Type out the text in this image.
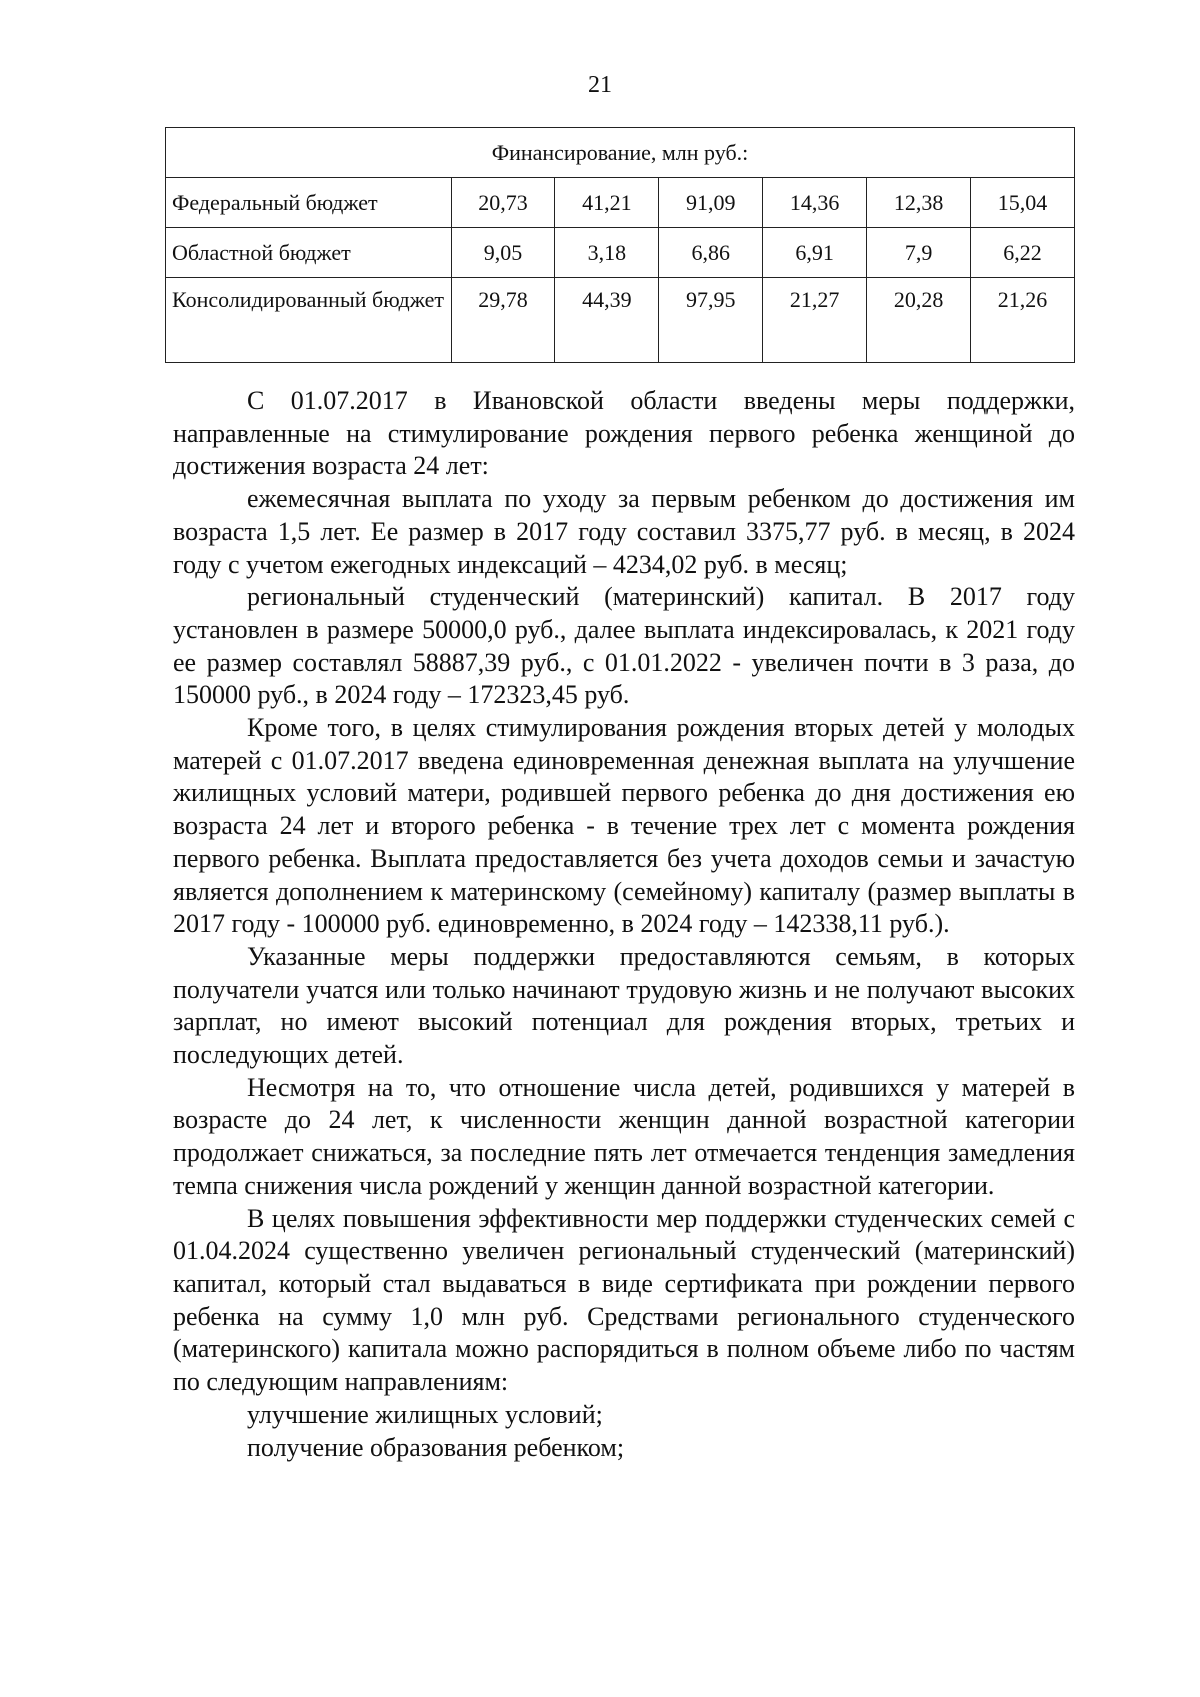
21
Финансирование, млн руб.:						
Федеральный бюджет	20,73	41,21	91,09	14,36	12,38	15,04
Областной бюджет	9,05	3,18	6,86	6,91	7,9	6,22
Консолидированный бюджет	29,78	44,39	97,95	21,27	20,28	21,26

С 01.07.2017 в Ивановской области введены меры поддержки, направленные на стимулирование рождения первого ребенка женщиной до достижения возраста 24 лет:

ежемесячная выплата по уходу за первым ребенком до достижения им возраста 1,5 лет. Ее размер в 2017 году составил 3375,77 руб. в месяц, в 2024 году с учетом ежегодных индексаций – 4234,02 руб. в месяц;

региональный студенческий (материнский) капитал. В 2017 году установлен в размере 50000,0 руб., далее выплата индексировалась, к 2021 году ее размер составлял 58887,39 руб., с 01.01.2022 - увеличен почти в 3 раза, до 150000 руб., в 2024 году – 172323,45 руб.

Кроме того, в целях стимулирования рождения вторых детей у молодых матерей с 01.07.2017 введена единовременная денежная выплата на улучшение жилищных условий матери, родившей первого ребенка до дня достижения ею возраста 24 лет и второго ребенка - в течение трех лет с момента рождения первого ребенка. Выплата предоставляется без учета доходов семьи и зачастую является дополнением к материнскому (семейному) капиталу (размер выплаты в 2017 году - 100000 руб. единовременно, в 2024 году – 142338,11 руб.).

Указанные меры поддержки предоставляются семьям, в которых получатели учатся или только начинают трудовую жизнь и не получают высоких зарплат, но имеют высокий потенциал для рождения вторых, третьих и последующих детей.

Несмотря на то, что отношение числа детей, родившихся у матерей в возрасте до 24 лет, к численности женщин данной возрастной категории продолжает снижаться, за последние пять лет отмечается тенденция замедления темпа снижения числа рождений у женщин данной возрастной категории.

В целях повышения эффективности мер поддержки студенческих семей с 01.04.2024 существенно увеличен региональный студенческий (материнский) капитал, который стал выдаваться в виде сертификата при рождении первого ребенка на сумму 1,0 млн руб. Средствами регионального студенческого (материнского) капитала можно распорядиться в полном объеме либо по частям по следующим направлениям:

улучшение жилищных условий;

получение образования ребенком;
